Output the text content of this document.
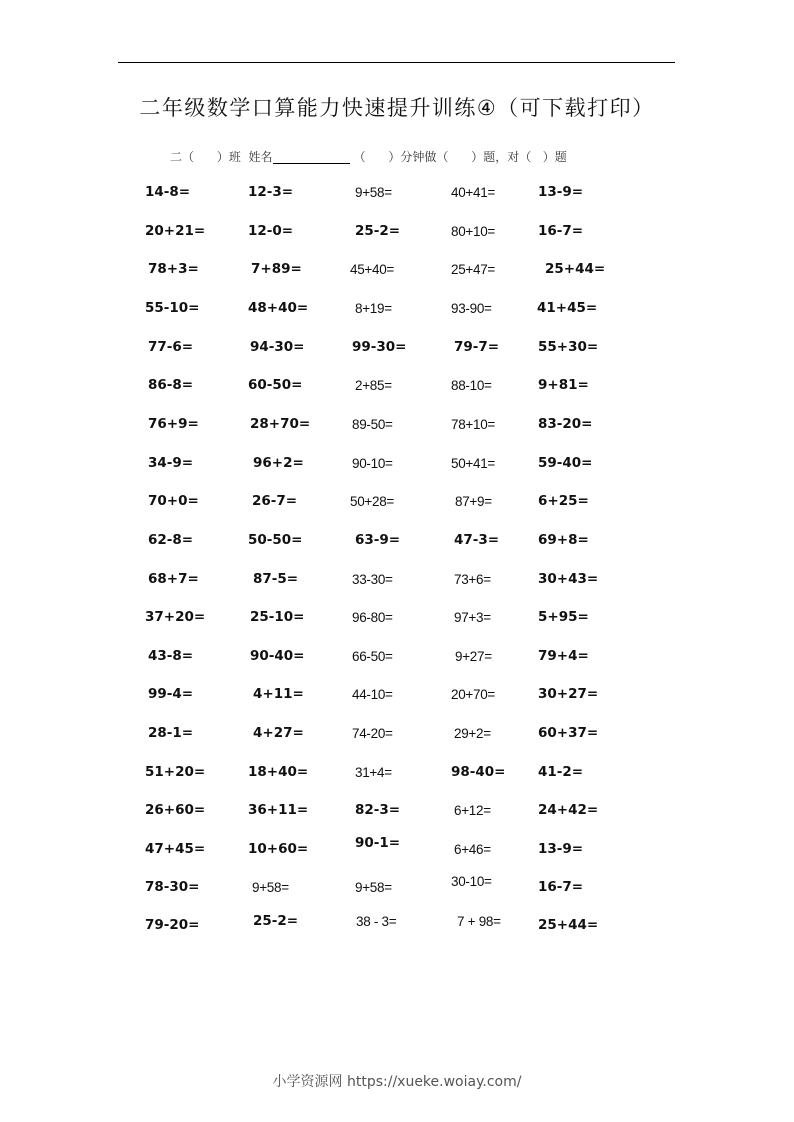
二年级数学口算能力快速提升训练④（可下载打印）
二（      ）班  姓名	（      ）分钟做（      ）题，对（   ）题
14-8=	12-3=	9+58=	40+41=	13-9=
20+21=	12-0=	25-2=	80+10=	16-7=
78+3=	7+89=	45+40=	25+47=	25+44=
55-10=	48+40=	8+19=	93-90=	41+45=
77-6=	94-30=	99-30=	79-7=	55+30=
86-8=	60-50=	2+85=	88-10=	9+81=
76+9=	28+70=	89-50=	78+10=	83-20=
34-9=	96+2=	90-10=	50+41=	59-40=
70+0=	26-7=	50+28=	87+9=	6+25=
62-8=	50-50=	63-9=	47-3=	69+8=
68+7=	87-5=	33-30=	73+6=	30+43=
37+20=	25-10=	96-80=	97+3=	5+95=
43-8=	90-40=	66-50=	9+27=	79+4=
99-4=	4+11=	44-10=	20+70=	30+27=
28-1=	4+27=	74-20=	29+2=	60+37=
51+20=	18+40=	31+4=	98-40= 41-2=
26+60=	36+11=	82-3=	6+12=	24+42=
47+45=	10+60=	90-1=	6+46=	13-9=
78-30=	9+58=	9+58=	30-10=	16-7=
79-20=	25-2=	38 - 3=	7 + 98=	25+44=
小学资源网 https://xueke.woiay.com/
